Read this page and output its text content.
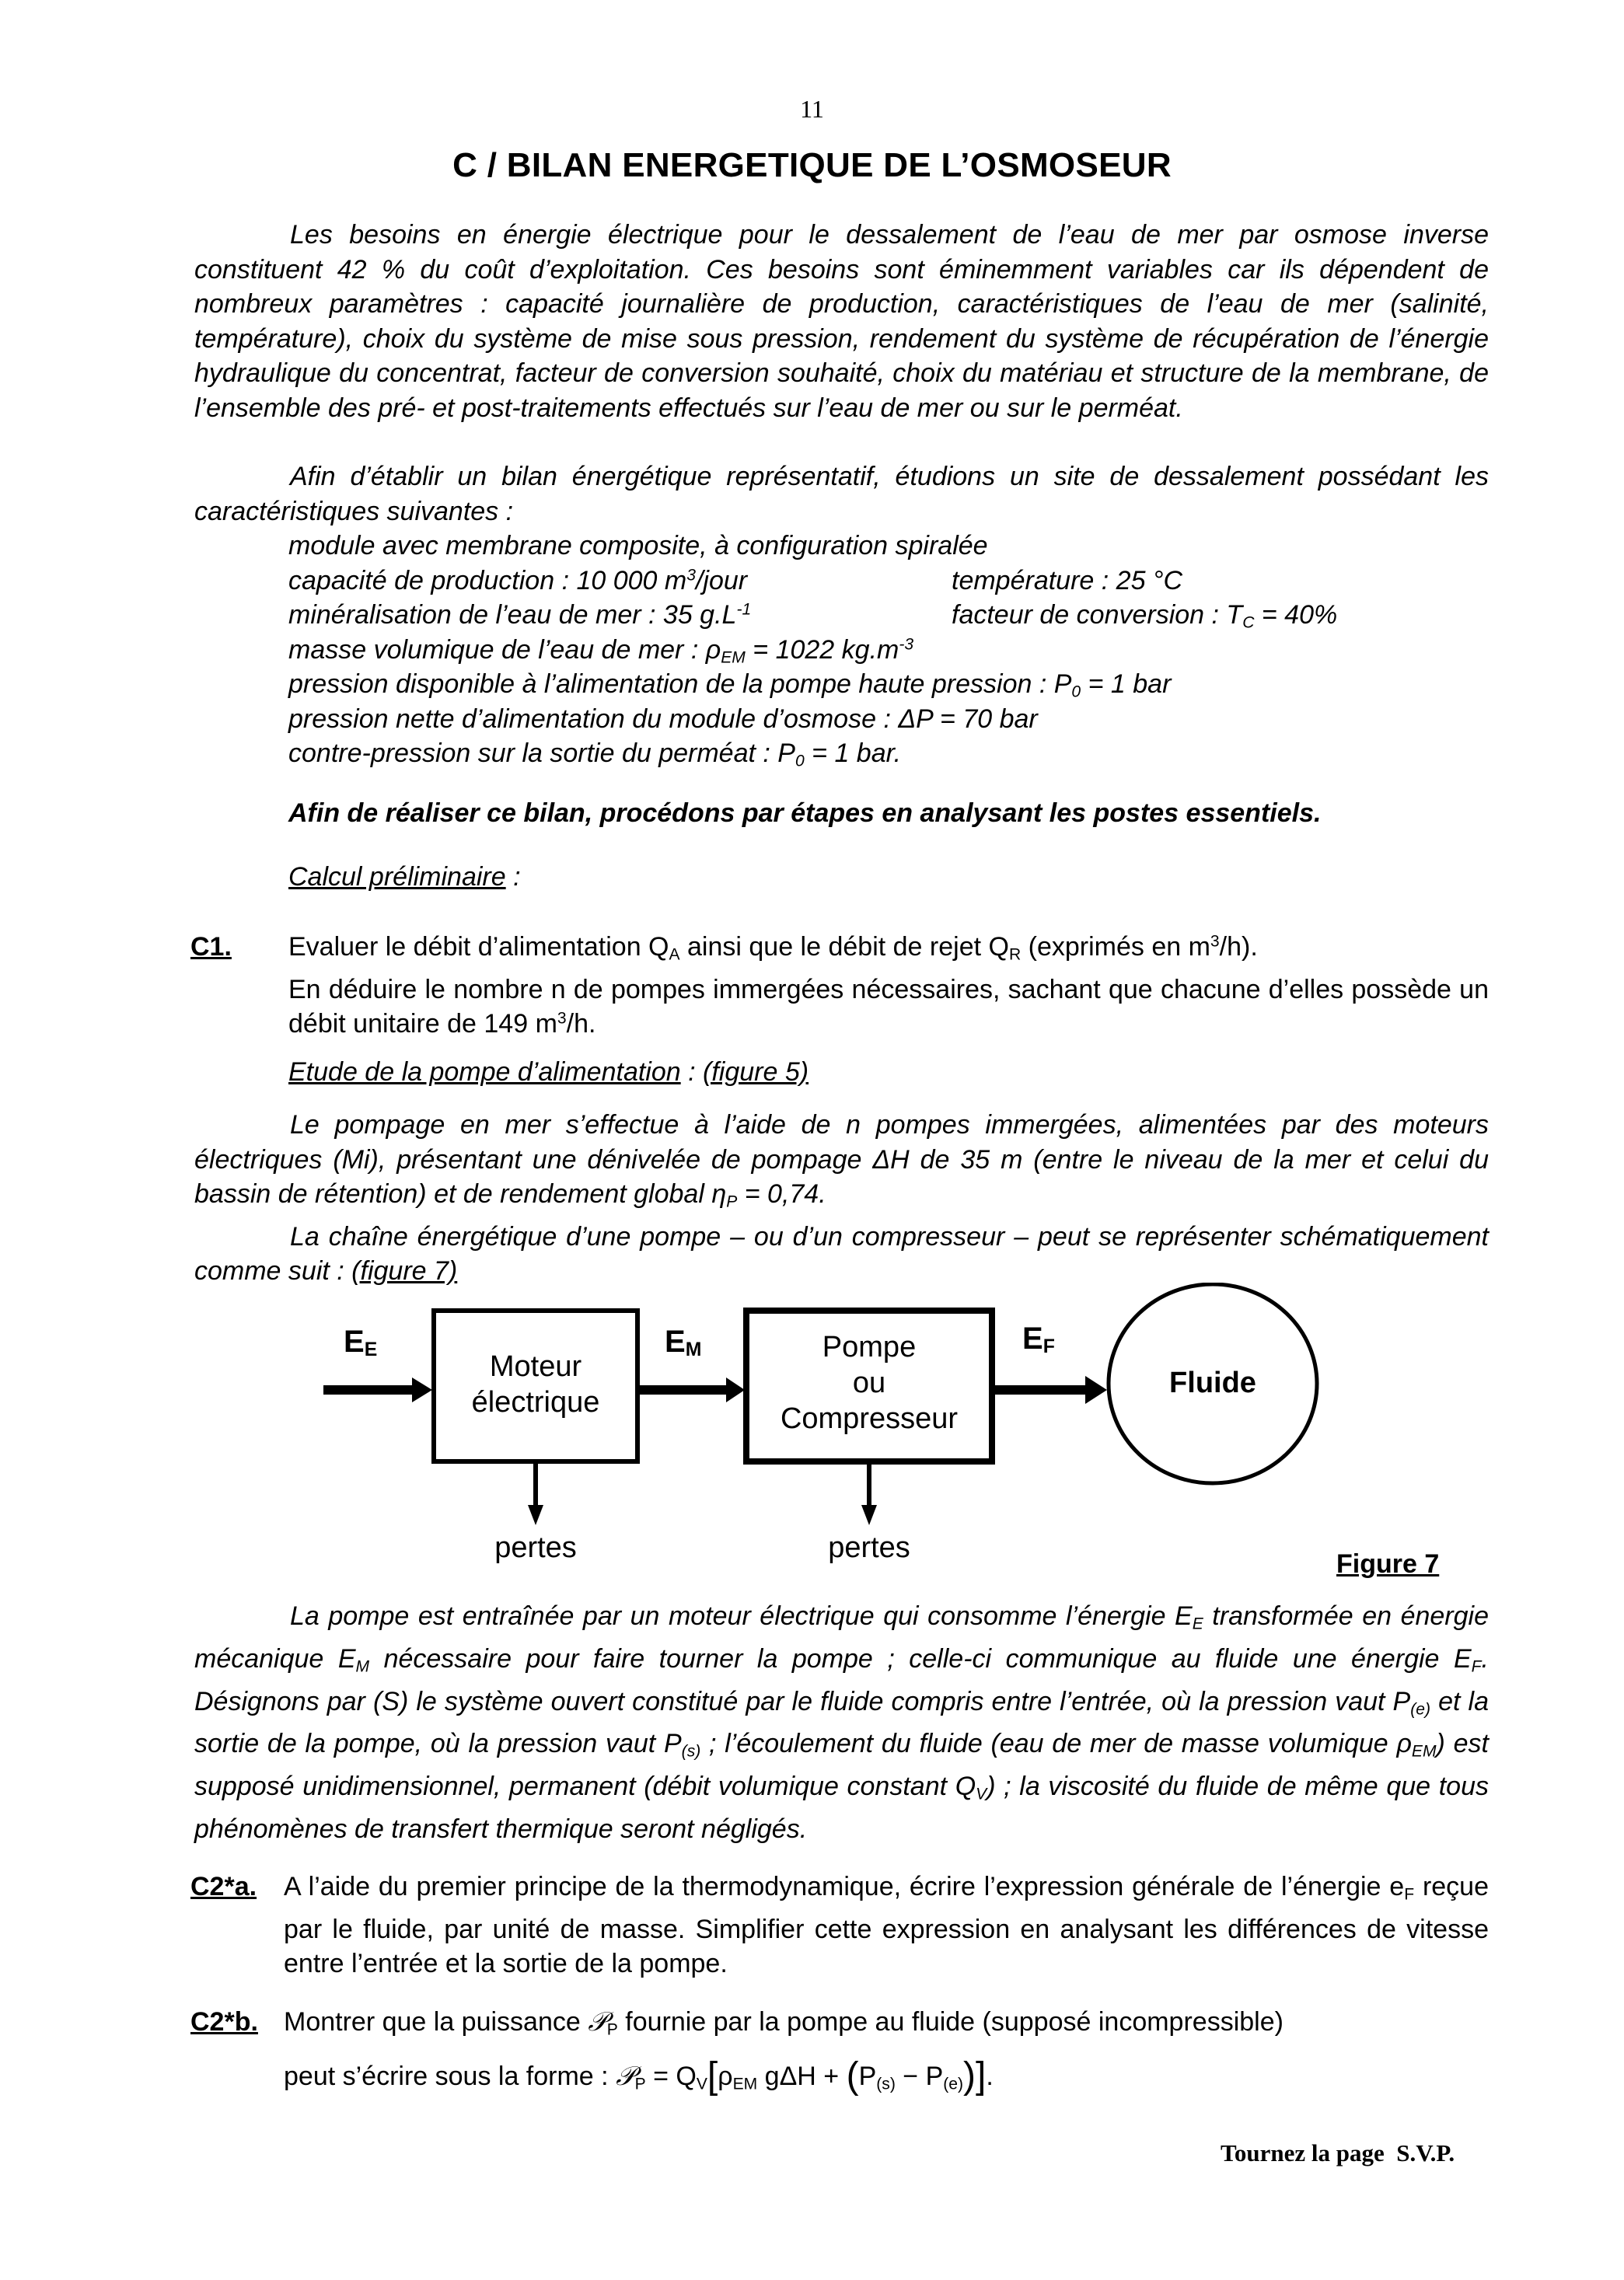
11
C / BILAN ENERGETIQUE DE L’OSMOSEUR
Les besoins en énergie électrique pour le dessalement de l’eau de mer par osmose inverse constituent 42 % du coût d’exploitation. Ces besoins sont éminemment variables car ils dépendent de nombreux paramètres : capacité journalière de production, caractéristiques de l’eau de mer (salinité, température), choix du système de mise sous pression, rendement du système de récupération de l’énergie hydraulique du concentrat, facteur de conversion souhaité, choix du matériau et structure de la membrane, de l’ensemble des pré- et post-traitements effectués sur l’eau de mer ou sur le perméat.
Afin d’établir un bilan énergétique représentatif, étudions un site de dessalement possédant les caractéristiques suivantes :
module avec membrane composite, à configuration spiralée
capacité de production : 10 000 $m^3$/jour	température : 25 °C
minéralisation de l’eau de mer : 35 $g.L^{-1}$	facteur de conversion : $T_C = 40\%$
masse volumique de l’eau de mer : $\rho_{EM} = 1022$ $kg.m^{-3}$
pression disponible à l’alimentation de la pompe haute pression : $P_0 = 1$ bar
pression nette d’alimentation du module d’osmose : ΔP = 70 bar
contre-pression sur la sortie du perméat : $P_0 = 1$ bar.
Afin de réaliser ce bilan, procédons par étapes en analysant les postes essentiels.
Calcul préliminaire :
C1. Evaluer le débit d’alimentation $Q_A$ ainsi que le débit de rejet $Q_R$ (exprimés en $m^3/h$).
En déduire le nombre n de pompes immergées nécessaires, sachant que chacune d’elles possède un débit unitaire de 149 $m^3/h$.
Etude de la pompe d’alimentation : (figure 5)
Le pompage en mer s’effectue à l’aide de n pompes immergées, alimentées par des moteurs électriques (Mi), présentant une dénivelée de pompage ΔH de 35 m (entre le niveau de la mer et celui du bassin de rétention) et de rendement global $\eta_P = 0,74$.
La chaîne énergétique d’une pompe – ou d’un compresseur – peut se représenter schématiquement comme suit : (figure 7)
$E_E$
Moteur
électrique
$E_M$	Pompe
ou
Compresseur
$E_F$
Fluide
pertes	pertes	Figure 7
La pompe est entraînée par un moteur électrique qui consomme l’énergie $E_E$ transformée en énergie mécanique $E_M$ nécessaire pour faire tourner la pompe ; celle-ci communique au fluide une énergie $E_F$. Désignons par (S) le système ouvert constitué par le fluide compris entre l’entrée, où la pression vaut $P_{(e)}$ et la sortie de la pompe, où la pression vaut $P_{(s)}$ ; l’écoulement du fluide (eau de mer de masse volumique $\rho_{EM}$) est supposé unidimensionnel, permanent (débit volumique constant $Q_V$) ; la viscosité du fluide de même que tous phénomènes de transfert thermique seront négligés.
C2*a. A l’aide du premier principe de la thermodynamique, écrire l’expression générale de l’énergie $e_F$ reçue par le fluide, par unité de masse. Simplifier cette expression en analysant les différences de vitesse entre l’entrée et la sortie de la pompe.
C2*b. Montrer que la puissance 𝒫$_P$ fournie par la pompe au fluide (supposé incompressible)
peut s’écrire sous la forme : 𝒫$_P$ = $Q_V[\rho_{EM}$ $g\Delta H + (P_{(s)} - P_{(e)})$].
Tournez la page  S.V.P.
